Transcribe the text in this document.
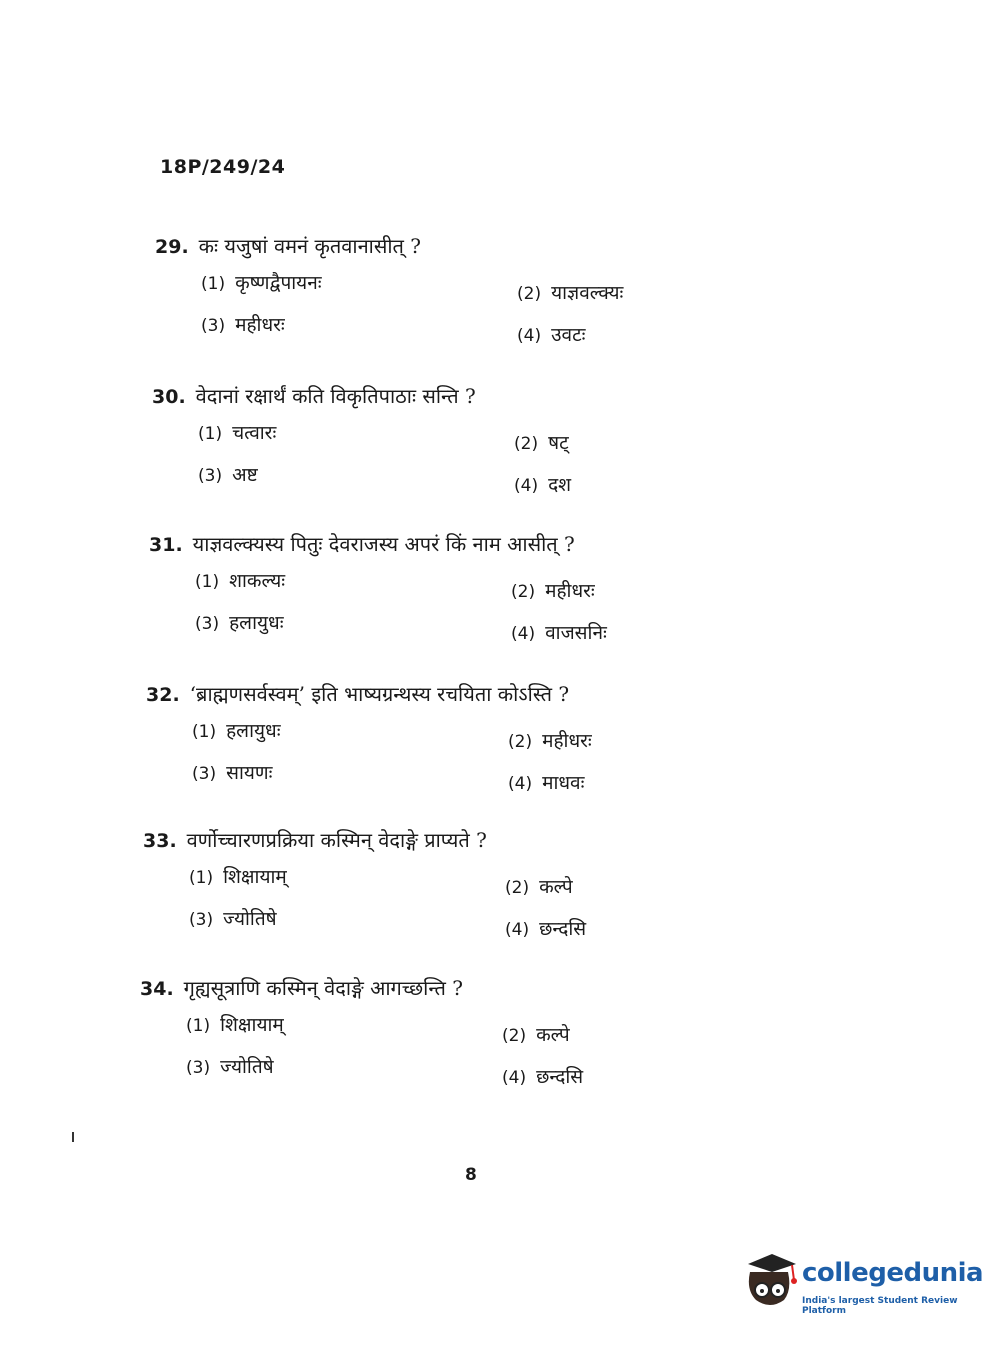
18P/249/24
29. कः यजुषां वमनं कृतवानासीत् ?
(1) कृष्णद्वैपायनः	(2) याज्ञवल्क्यः
(3) महीधरः	(4) उवटः
30. वेदानां रक्षार्थं कति विकृतिपाठाः सन्ति ?
(1) चत्वारः	(2) षट्
(3) अष्ट	(4) दश
31. याज्ञवल्क्यस्य पितुः देवराजस्य अपरं किं नाम आसीत् ?
(1) शाकल्यः	(2) महीधरः
(3) हलायुधः	(4) वाजसनिः
32. ‘ब्राह्मणसर्वस्वम्’ इति भाष्यग्रन्थस्य रचयिता कोऽस्ति ?
(1) हलायुधः	(2) महीधरः
(3) सायणः	(4) माधवः
33. वर्णोच्चारणप्रक्रिया कस्मिन् वेदाङ्गे प्राप्यते ?
(1) शिक्षायाम्	(2) कल्पे
(3) ज्योतिषे	(4) छन्दसि
34. गृह्यसूत्राणि कस्मिन् वेदाङ्गे आगच्छन्ति ?
(1) शिक्षायाम्	(2) कल्पे
(3) ज्योतिषे	(4) छन्दसि
8
collegedunia
India's largest Student Review Platform
